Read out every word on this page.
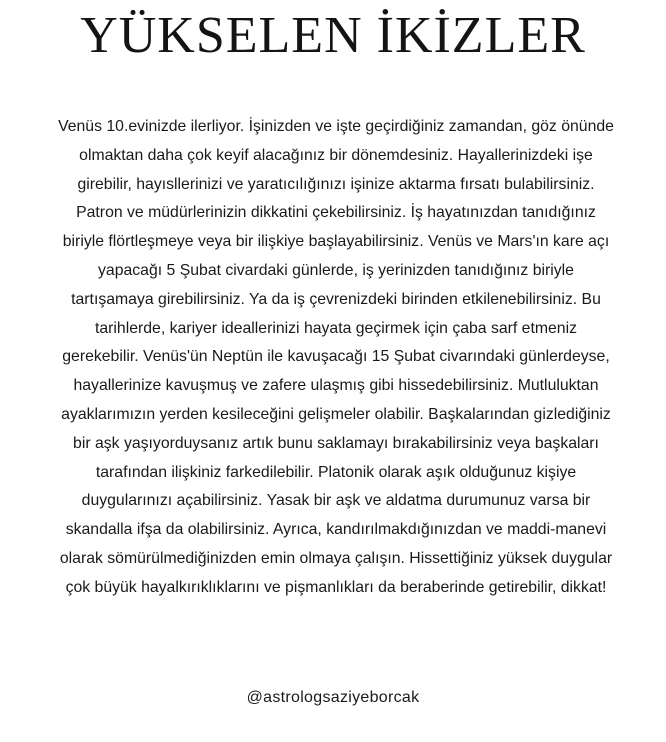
YÜKSELEN İKİZLER
Venüs 10.evinizde ilerliyor. İşinizden ve işte geçirdiğiniz zamandan, göz önünde
olmaktan daha çok keyif alacağınız bir dönemdesiniz. Hayallerinizdeki işe
girebilir, hayısllerinizi ve yaratıcılığınızı işinize aktarma fırsatı bulabilirsiniz.
Patron ve müdürlerinizin dikkatini çekebilirsiniz. İş hayatınızdan tanıdığınız
biriyle flörtleşmeye veya bir ilişkiye başlayabilirsiniz. Venüs ve Mars'ın kare açı
yapacağı 5 Şubat civardaki günlerde, iş yerinizden tanıdığınız biriyle
tartışamaya girebilirsiniz. Ya da iş çevrenizdeki birinden etkilenebilirsiniz. Bu
tarihlerde, kariyer ideallerinizi hayata geçirmek için çaba sarf etmeniz
gerekebilir. Venüs'ün Neptün ile kavuşacağı 15 Şubat civarındaki günlerdeyse,
hayallerinize kavuşmuş ve zafere ulaşmış gibi hissedebilirsiniz. Mutluluktan
ayaklarımızın yerden kesileceğini gelişmeler olabilir. Başkalarından gizlediğiniz
bir aşk yaşıyorduysanız artık bunu saklamayı bırakabilirsiniz veya başkaları
tarafından ilişkiniz farkedilebilir. Platonik olarak aşık olduğunuz kişiye
duygularınızı açabilirsiniz. Yasak bir aşk ve aldatma durumunuz varsa bir
skandalla ifşa da olabilirsiniz. Ayrıca, kandırılmakdığınızdan ve maddi-manevi
olarak sömürülmediğinizden emin olmaya çalışın. Hissettiğiniz yüksek duygular
çok büyük hayalkırıklıklarını ve pişmanlıkları da beraberinde getirebilir, dikkat!
@astrologsaziyeborcak
